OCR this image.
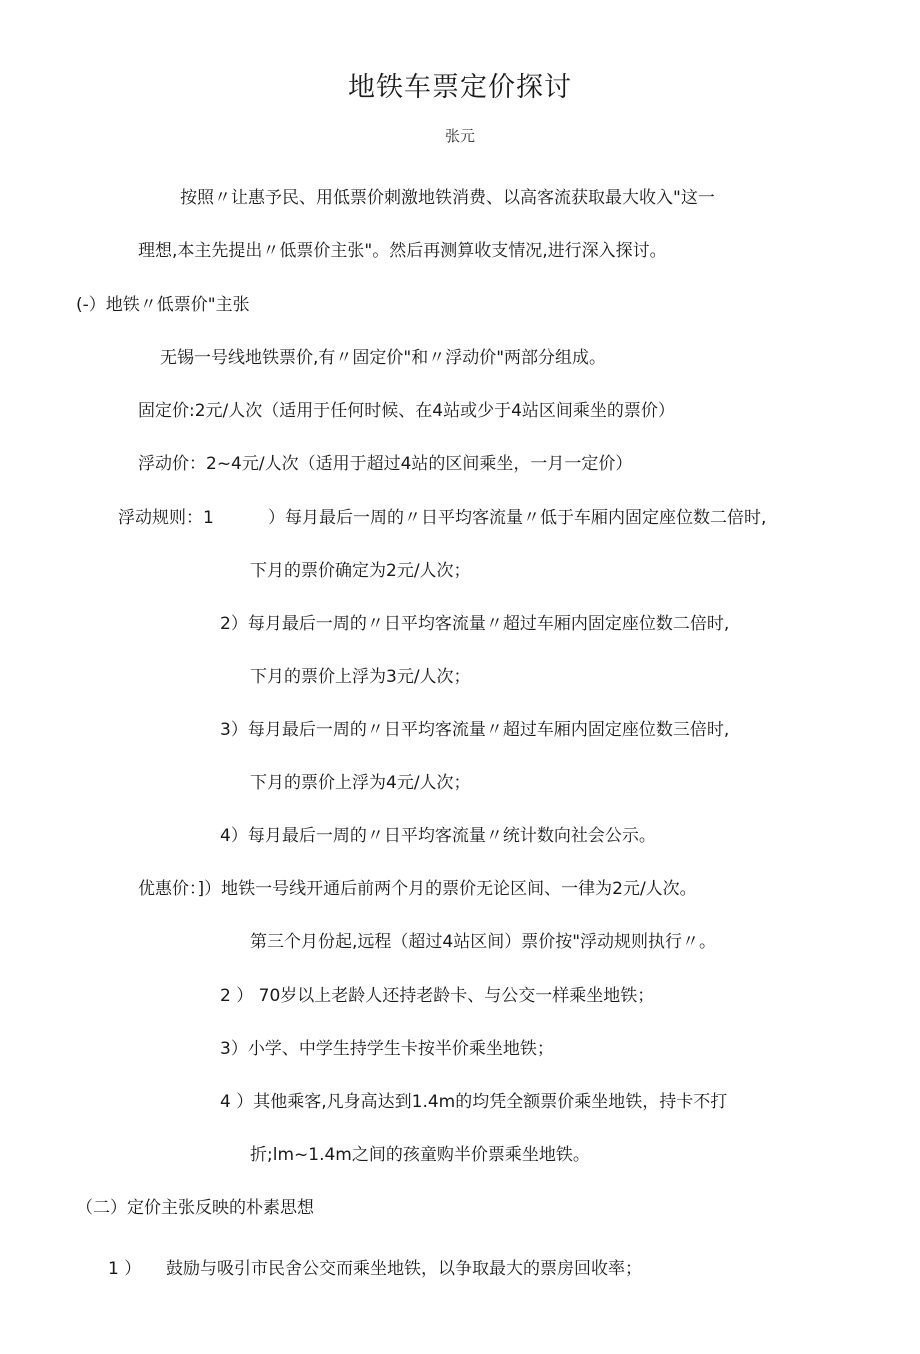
地铁车票定价探讨
张元
按照〃让惠予民、用低票价刺激地铁消费、以高客流获取最大收入"这一
理想,本主先提出〃低票价主张"。然后再测算收支情况,进行深入探讨。
(-）地铁〃低票价"主张
无锡一号线地铁票价,有〃固定价"和〃浮动价"两部分组成。
固定价:2元/人次（适用于任何时候、在4站或少于4站区间乘坐的票价）
浮动价：2~4元/人次（适用于超过4站的区间乘坐，一月一定价）
浮动规则：1	）每月最后一周的〃日平均客流量〃低于车厢内固定座位数二倍时,
下月的票价确定为2元/人次；
2）每月最后一周的〃日平均客流量〃超过车厢内固定座位数二倍时,
下月的票价上浮为3元/人次；
3）每月最后一周的〃日平均客流量〃超过车厢内固定座位数三倍时,
下月的票价上浮为4元/人次；
4）每月最后一周的〃日平均客流量〃统计数向社会公示。
优惠价：]）地铁一号线开通后前两个月的票价无论区间、一律为2元/人次。
第三个月份起,远程（超过4站区间）票价按"浮动规则执行〃。
2 ） 70岁以上老龄人还持老龄卡、与公交一样乘坐地铁；
3）小学、中学生持学生卡按半价乘坐地铁；
4 ）其他乘客,凡身高达到1.4m的均凭全额票价乘坐地铁，持卡不打
折;lm~1.4m之间的孩童购半价票乘坐地铁。
（二）定价主张反映的朴素思想
1 ） 鼓励与吸引市民舍公交而乘坐地铁，以争取最大的票房回收率；
